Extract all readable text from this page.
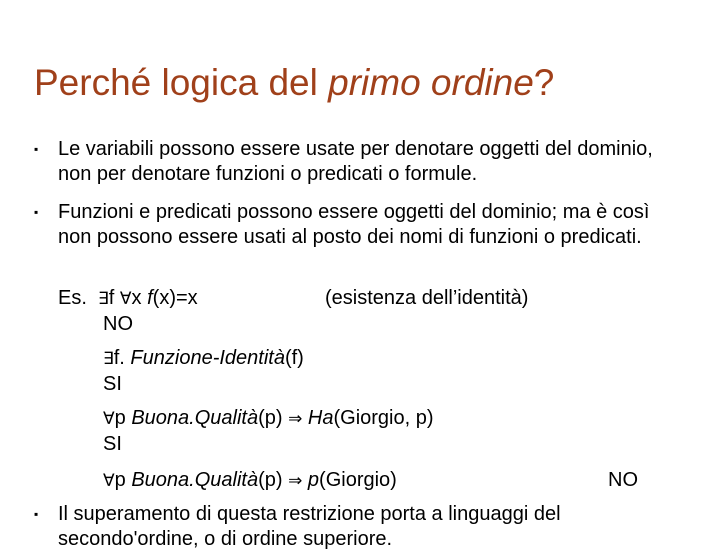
Perché logica del primo ordine?
▪ Le variabili possono essere usate per denotare oggetti del dominio, non per denotare funzioni o predicati o formule.

▪ Funzioni e predicati possono essere oggetti del dominio; ma è così non possono essere usati al posto dei nomi di funzioni o predicati.

Es. ∃f ∀x f(x)=x	(esistenza dell’identità)
NO
∃f. Funzione-Identità(f)
SI
∀p Buona.Qualità(p) ⇒ Ha(Giorgio, p)
SI
∀p Buona.Qualità(p) ⇒ p(Giorgio)	NO
▪ Il superamento di questa restrizione porta a linguaggi del secondo'ordine, o di ordine superiore.
